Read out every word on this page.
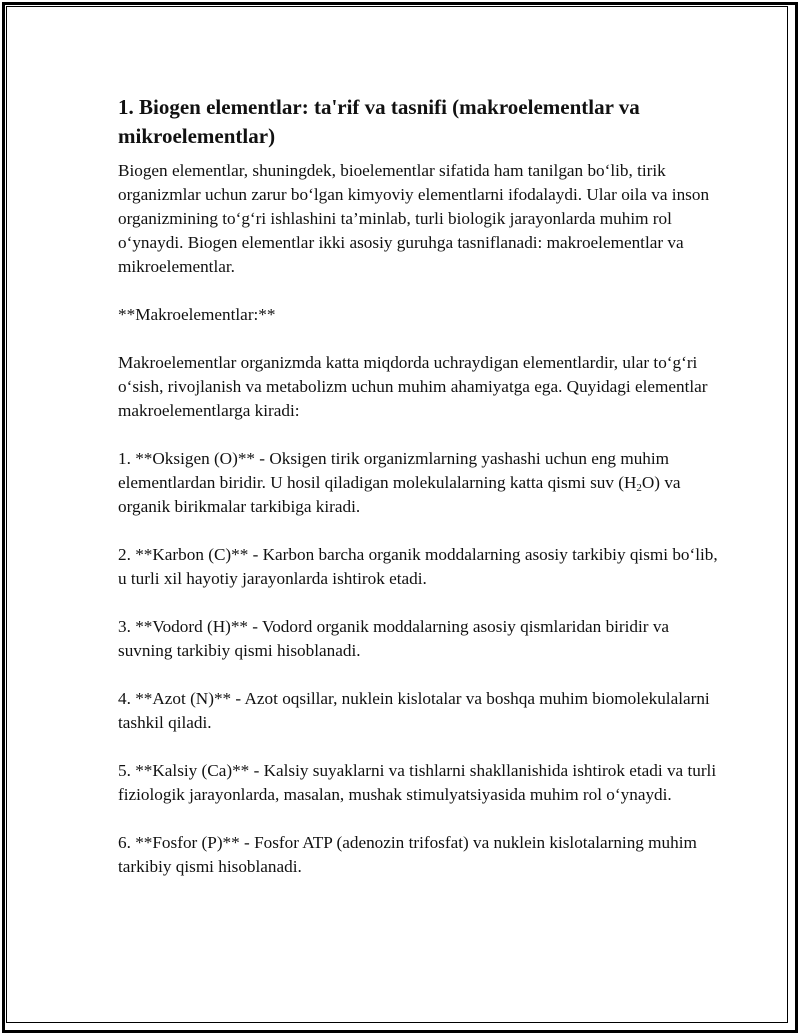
1. Biogen elementlar: ta'rif va tasnifi (makroelementlar va mikroelementlar)

Biogen elementlar, shuningdek, bioelementlar sifatida ham tanilgan bo‘lib, tirik organizmlar uchun zarur bo‘lgan kimyoviy elementlarni ifodalaydi. Ular oila va inson organizmining to‘g‘ri ishlashini ta’minlab, turli biologik jarayonlarda muhim rol o‘ynaydi. Biogen elementlar ikki asosiy guruhga tasniflanadi: makroelementlar va mikroelementlar.

**Makroelementlar:**

Makroelementlar organizmda katta miqdorda uchraydigan elementlardir, ular to‘g‘ri o‘sish, rivojlanish va metabolizm uchun muhim ahamiyatga ega. Quyidagi elementlar makroelementlarga kiradi:

1. **Oksigen (O)** - Oksigen tirik organizmlarning yashashi uchun eng muhim elementlardan biridir. U hosil qiladigan molekulalarning katta qismi suv $(H_2O)$ va organik birikmalar tarkibiga kiradi.

2. **Karbon (C)** - Karbon barcha organik moddalarning asosiy tarkibiy qismi bo‘lib, u turli xil hayotiy jarayonlarda ishtirok etadi.

3. **Vodord (H)** - Vodord organik moddalarning asosiy qismlaridan biridir va suvning tarkibiy qismi hisoblanadi.

4. **Azot (N)** - Azot oqsillar, nuklein kislotalar va boshqa muhim biomolekulalarni tashkil qiladi.

5. **Kalsiy (Ca)** - Kalsiy suyaklarni va tishlarni shakllanishida ishtirok etadi va turli fiziologik jarayonlarda, masalan, mushak stimulyatsiyasida muhim rol o‘ynaydi.

6. **Fosfor (P)** - Fosfor ATP (adenozin trifosfat) va nuklein kislotalarning muhim tarkibiy qismi hisoblanadi.
